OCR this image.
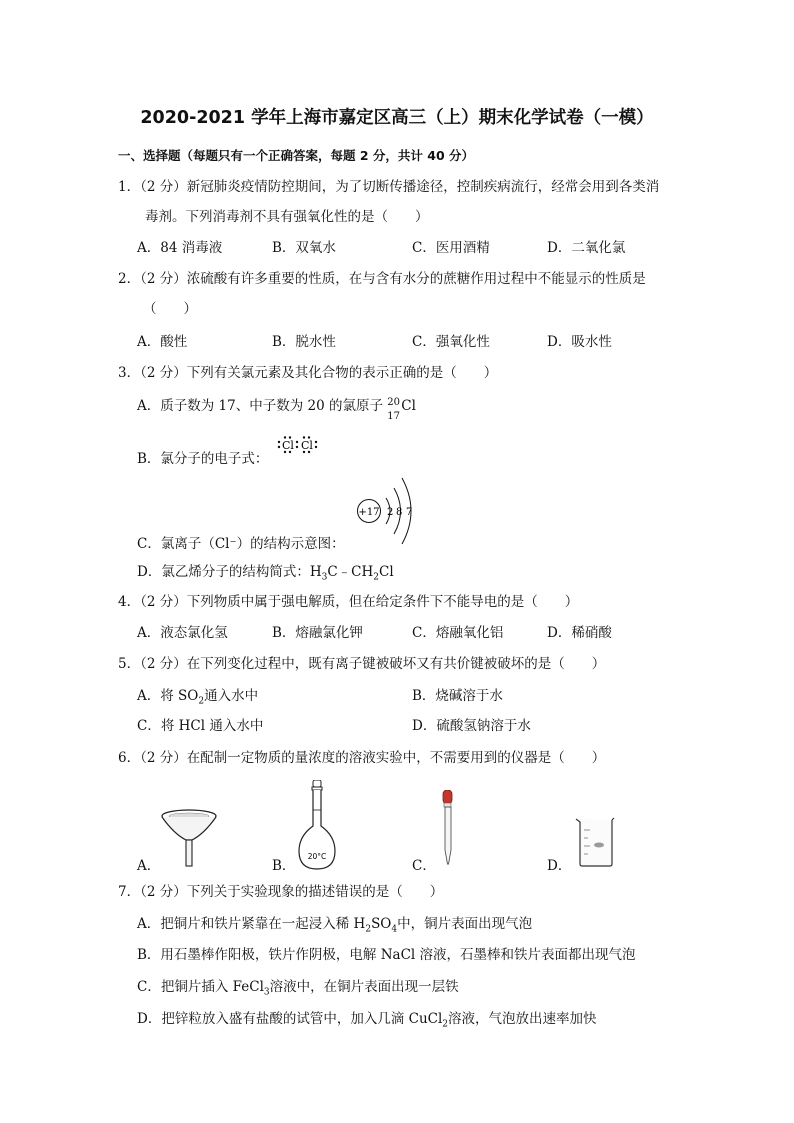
2020-2021 学年上海市嘉定区高三（上）期末化学试卷（一模）
一、选择题（每题只有一个正确答案，每题 2 分，共计 40 分）
1．（2 分）新冠肺炎疫情防控期间，为了切断传播途径，控制疾病流行，经常会用到各类消
毒剂。下列消毒剂不具有强氧化性的是（　　）
A．84 消毒液	B．双氧水	C．医用酒精	D．二氧化氯
2．（2 分）浓硫酸有许多重要的性质，在与含有水分的蔗糖作用过程中不能显示的性质是
（　　）
A．酸性	B．脱水性	C．强氧化性	D．吸水性
3．（2 分）下列有关氯元素及其化合物的表示正确的是（　　）
A．质子数为 17、中子数为 20 的氯原子 20
17
Cl
B．氯分子的电子式：
Cl Cl
+17 2 8 7
C．氯离子（Cl⁻）的结构示意图：
D．氯乙烯分子的结构简式：$H_3C﹣CH_2Cl$
4．（2 分）下列物质中属于强电解质，但在给定条件下不能导电的是（　　）
A．液态氯化氢	B．熔融氯化钾	C．熔融氧化铝	D．稀硝酸
5．（2 分）在下列变化过程中，既有离子键被破坏又有共价键被破坏的是（　　）
A．将 $SO_2$通入水中	B．烧碱溶于水
C．将 HCl 通入水中	D．硫酸氢钠溶于水
6．（2 分）在配制一定物质的量浓度的溶液实验中，不需要用到的仪器是（　　）
A．
20°C
B．	C．	D．
7．（2 分）下列关于实验现象的描述错误的是（　　）
A．把铜片和铁片紧靠在一起浸入稀 $H_2SO_4$中，铜片表面出现气泡
B．用石墨棒作阳极，铁片作阴极，电解 NaCl 溶液，石墨棒和铁片表面都出现气泡
C．把铜片插入 FeCl$_3$溶液中，在铜片表面出现一层铁
D．把锌粒放入盛有盐酸的试管中，加入几滴 CuCl$_2$溶液，气泡放出速率加快
